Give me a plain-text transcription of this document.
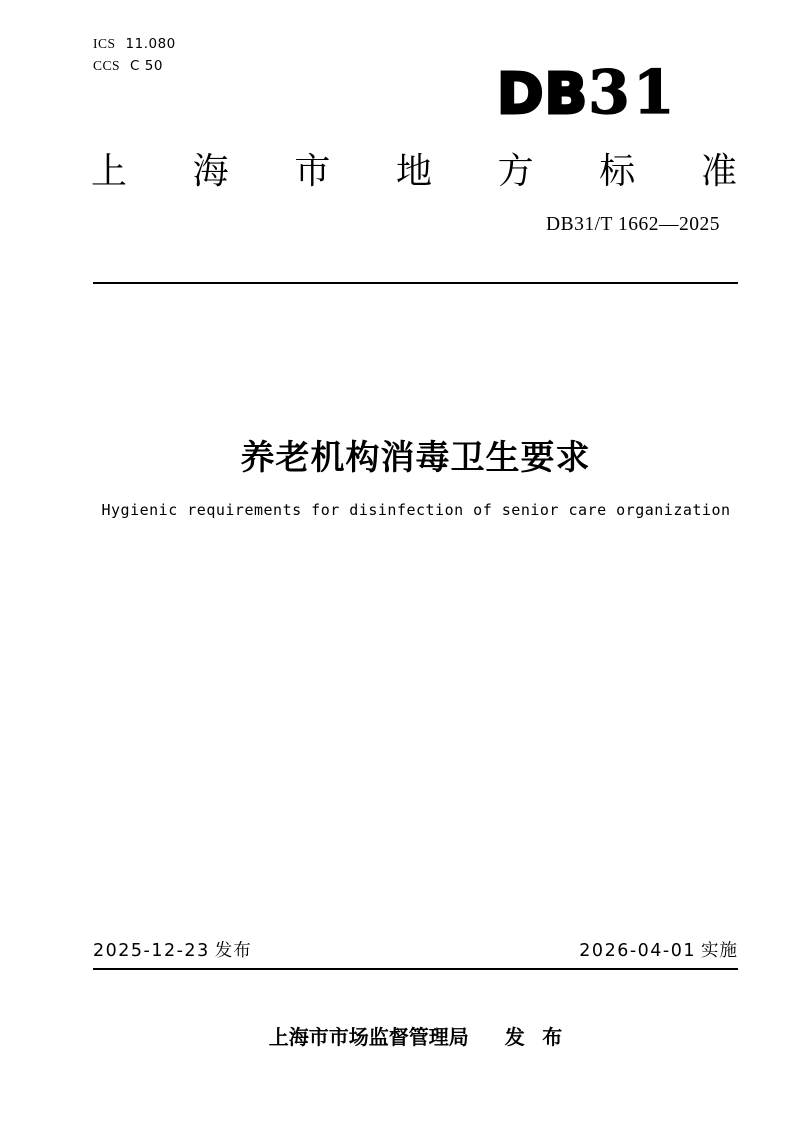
ICS 11.080
CCS C 50	DB31
上 海 市 地 方 标 准
DB31/T 1662—2025
养老机构消毒卫生要求
Hygienic requirements for disinfection of senior care organization
2025-12-23 发布	2026-04-01 实施
上海市市场监督管理局 发 布
